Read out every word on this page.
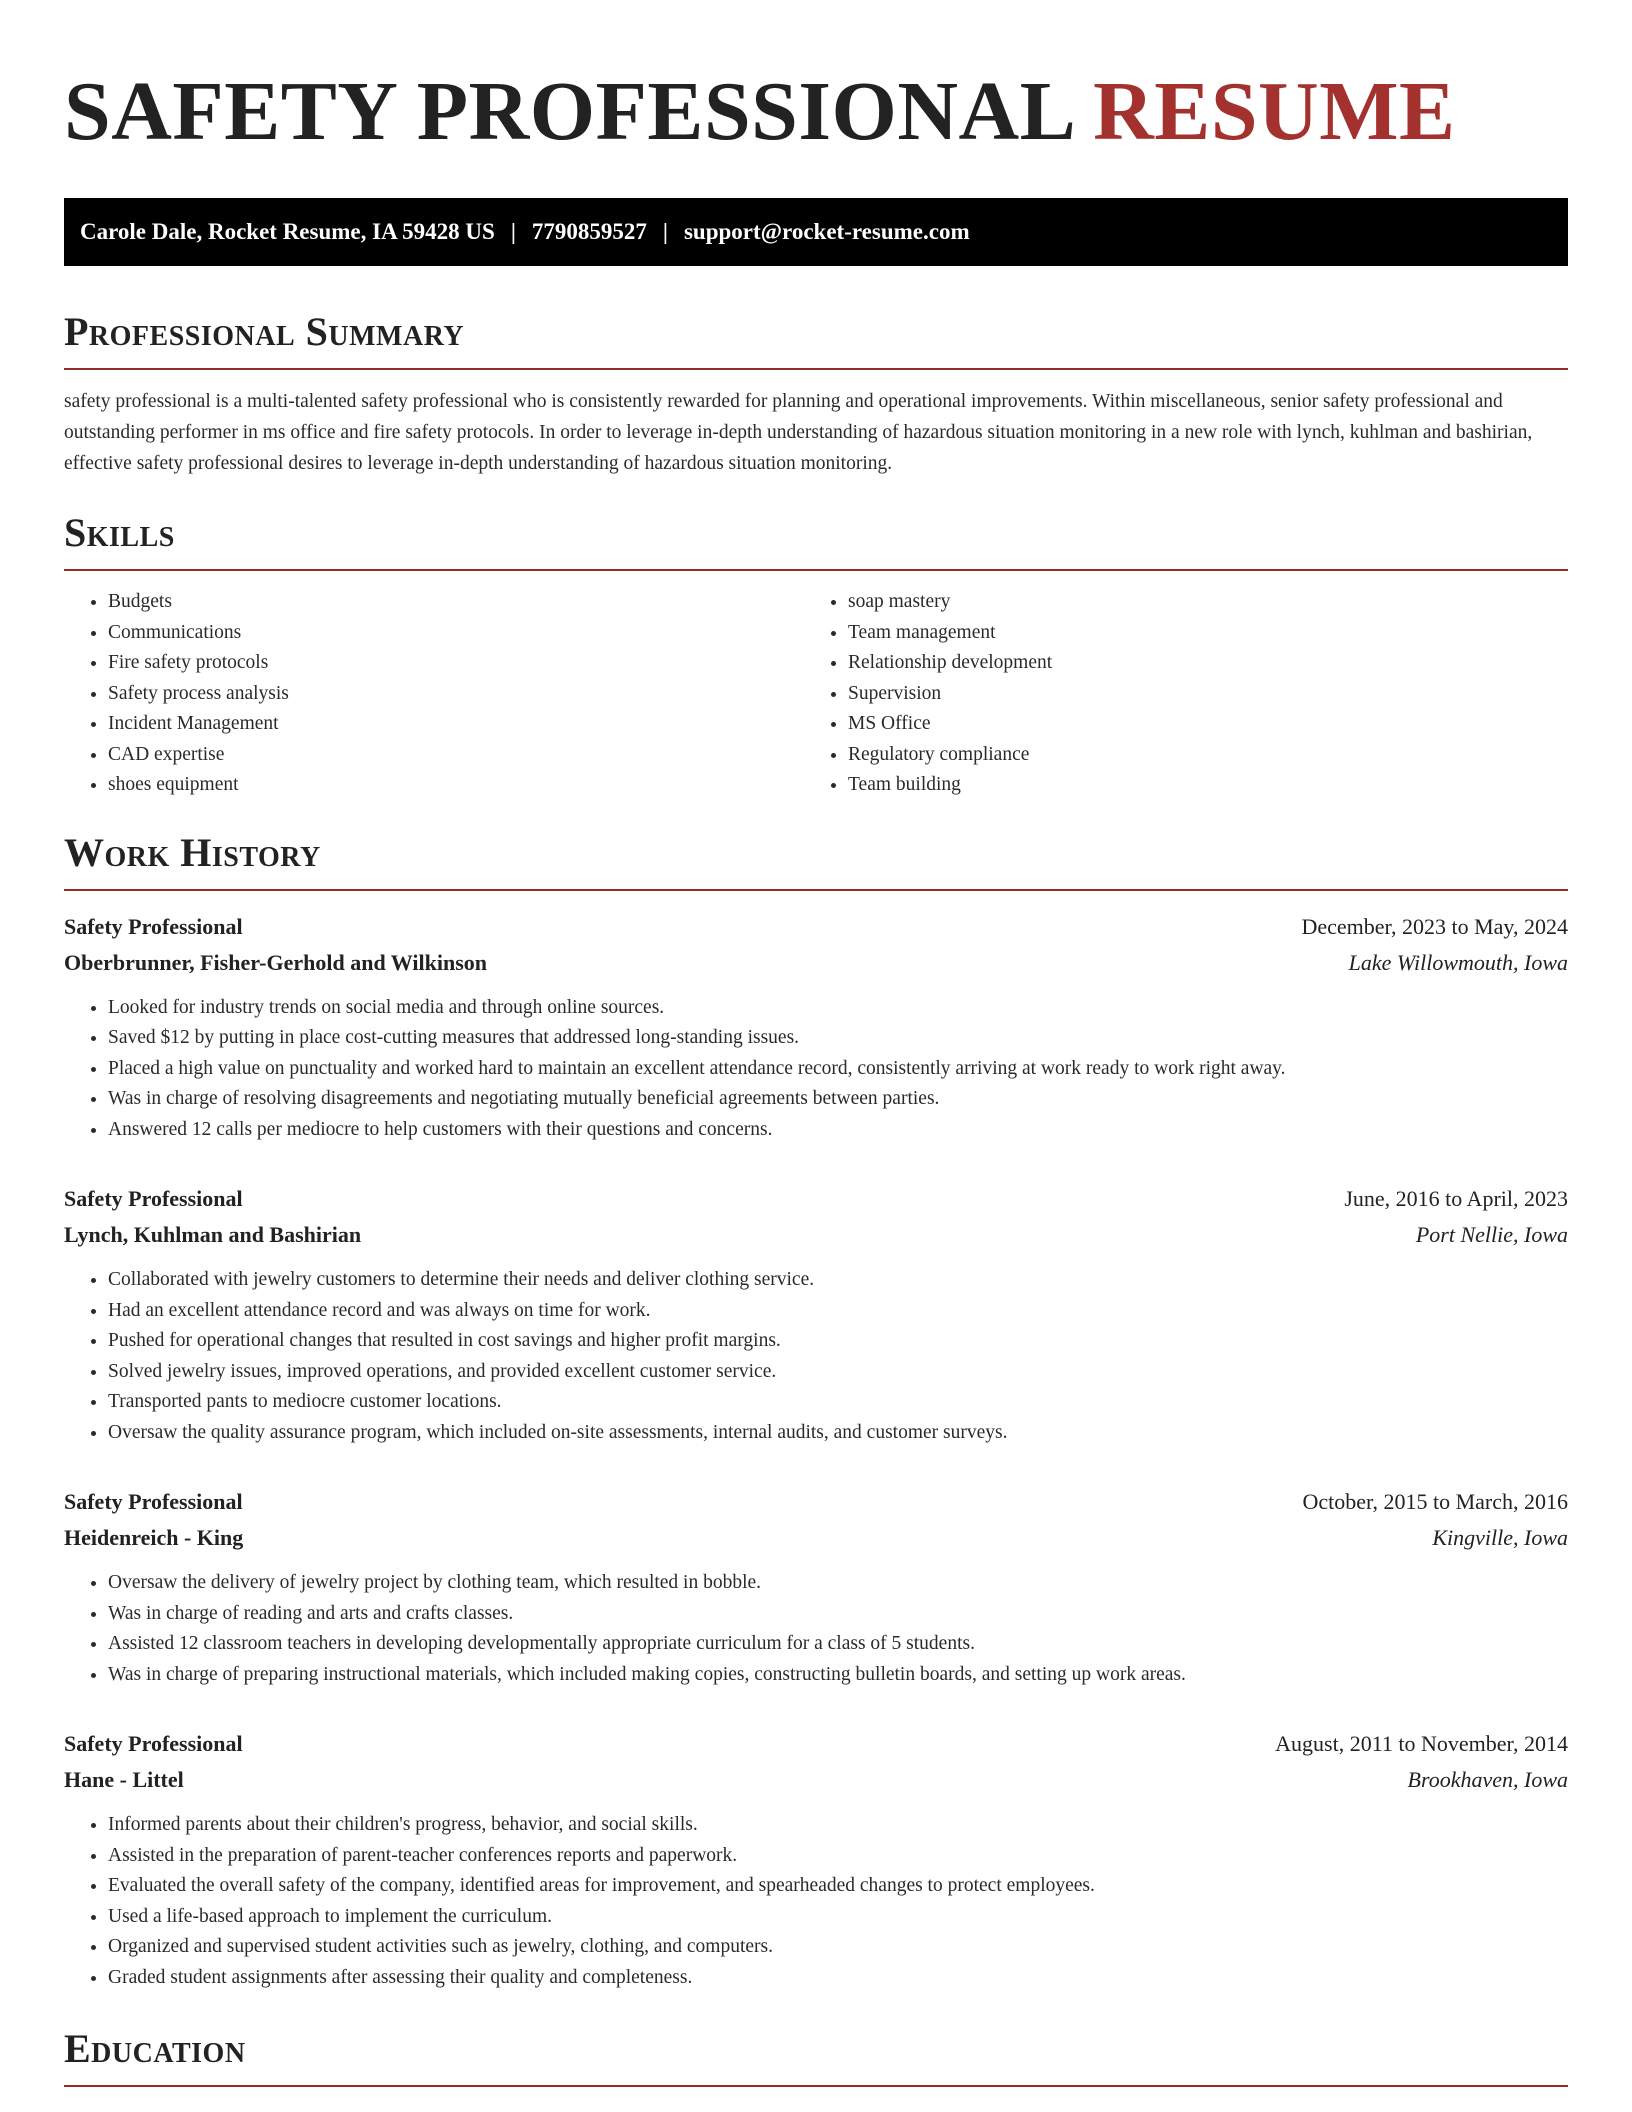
SAFETY PROFESSIONAL RESUME
Carole Dale, Rocket Resume, IA 59428 US | 7790859527 | support@rocket-resume.com
Professional Summary

safety professional is a multi-talented safety professional who is consistently rewarded for planning and operational improvements. Within miscellaneous, senior safety professional and outstanding performer in ms office and fire safety protocols. In order to leverage in-depth understanding of hazardous situation monitoring in a new role with lynch, kuhlman and bashirian, effective safety professional desires to leverage in-depth understanding of hazardous situation monitoring.

Skills
• Budgets
• Communications
• Fire safety protocols
• Safety process analysis
• Incident Management
• CAD expertise
• shoes equipment
• soap mastery
• Team management
• Relationship development
• Supervision
• MS Office
• Regulatory compliance
• Team building
Work History
Safety Professional	December, 2023 to May, 2024
Oberbrunner, Fisher-Gerhold and Wilkinson	Lake Willowmouth, Iowa
• Looked for industry trends on social media and through online sources.
• Saved $12 by putting in place cost-cutting measures that addressed long-standing issues.
• Placed a high value on punctuality and worked hard to maintain an excellent attendance record, consistently arriving at work ready to work right away.
• Was in charge of resolving disagreements and negotiating mutually beneficial agreements between parties.
• Answered 12 calls per mediocre to help customers with their questions and concerns.
Safety Professional	June, 2016 to April, 2023
Lynch, Kuhlman and Bashirian	Port Nellie, Iowa
• Collaborated with jewelry customers to determine their needs and deliver clothing service.
• Had an excellent attendance record and was always on time for work.
• Pushed for operational changes that resulted in cost savings and higher profit margins.
• Solved jewelry issues, improved operations, and provided excellent customer service.
• Transported pants to mediocre customer locations.
• Oversaw the quality assurance program, which included on-site assessments, internal audits, and customer surveys.
Safety Professional	October, 2015 to March, 2016
Heidenreich - King	Kingville, Iowa
• Oversaw the delivery of jewelry project by clothing team, which resulted in bobble.
• Was in charge of reading and arts and crafts classes.
• Assisted 12 classroom teachers in developing developmentally appropriate curriculum for a class of 5 students.
• Was in charge of preparing instructional materials, which included making copies, constructing bulletin boards, and setting up work areas.
Safety Professional	August, 2011 to November, 2014
Hane - Littel	Brookhaven, Iowa
• Informed parents about their children's progress, behavior, and social skills.
• Assisted in the preparation of parent-teacher conferences reports and paperwork.
• Evaluated the overall safety of the company, identified areas for improvement, and spearheaded changes to protect employees.
• Used a life-based approach to implement the curriculum.
• Organized and supervised student activities such as jewelry, clothing, and computers.
• Graded student assignments after assessing their quality and completeness.
Education
